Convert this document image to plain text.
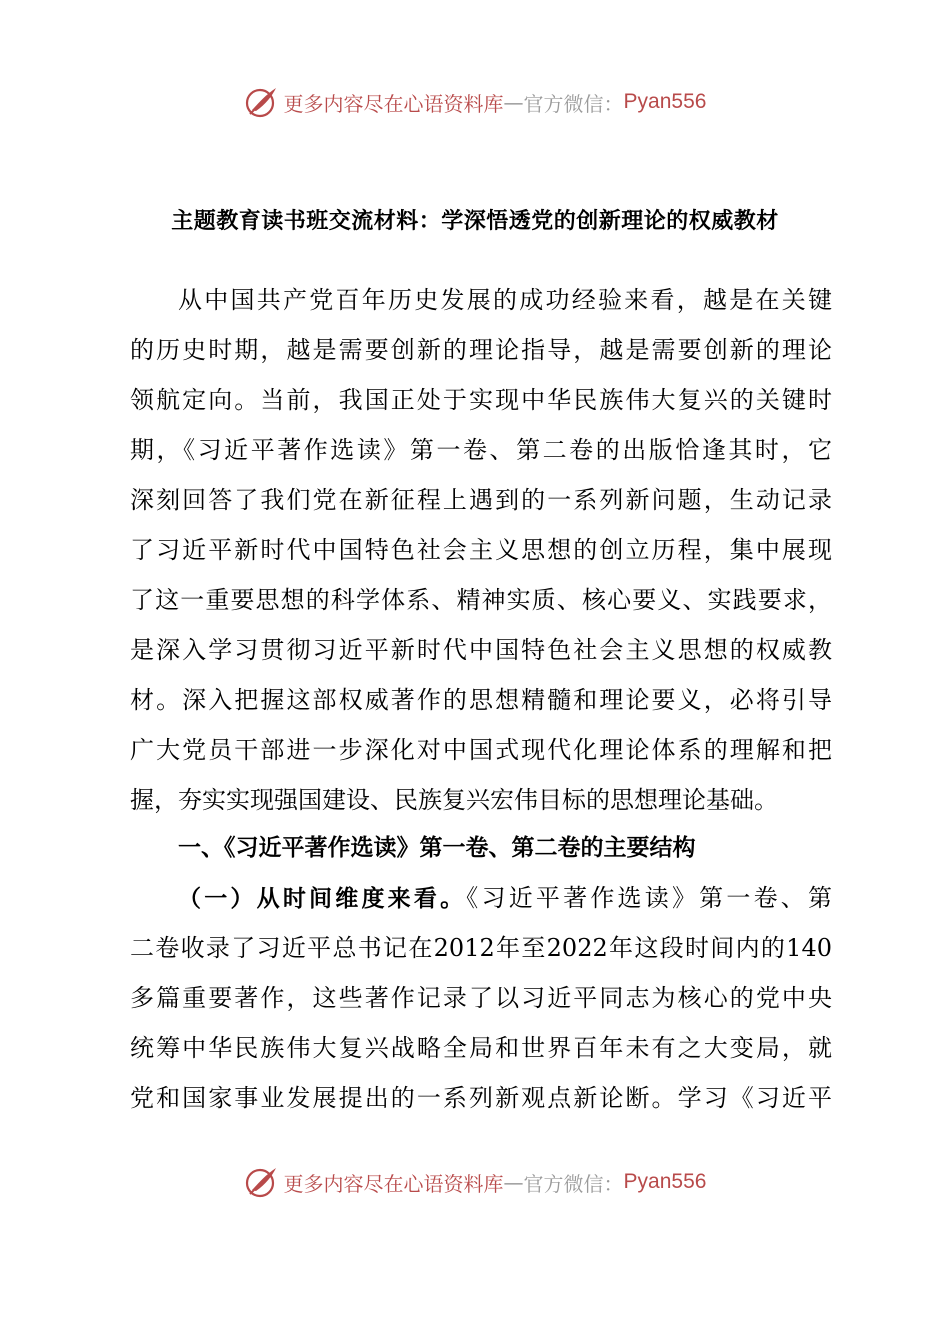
更多内容尽在心语资料库 — 官方微信： Pyan556
主题教育读书班交流材料：学深悟透党的创新理论的权威教材
从中国共产党百年历史发展的成功经验来看，越是在关键
的历史时期，越是需要创新的理论指导，越是需要创新的理论
领航定向。当前，我国正处于实现中华民族伟大复兴的关键时
期，《习近平著作选读》第一卷、第二卷的出版恰逢其时，它
深刻回答了我们党在新征程上遇到的一系列新问题，生动记录
了习近平新时代中国特色社会主义思想的创立历程，集中展现
了这一重要思想的科学体系、精神实质、核心要义、实践要求，
是深入学习贯彻习近平新时代中国特色社会主义思想的权威教
材。深入把握这部权威著作的思想精髓和理论要义，必将引导
广大党员干部进一步深化对中国式现代化理论体系的理解和把
握，夯实实现强国建设、民族复兴宏伟目标的思想理论基础。
一、《习近平著作选读》第一卷、第二卷的主要结构
（一）从时间维度来看。《习近平著作选读》第一卷、第
二卷收录了习近平总书记在2012年至2022年这段时间内的140
多篇重要著作，这些著作记录了以习近平同志为核心的党中央
统筹中华民族伟大复兴战略全局和世界百年未有之大变局，就
党和国家事业发展提出的一系列新观点新论断。学习《习近平
更多内容尽在心语资料库 — 官方微信： Pyan556
